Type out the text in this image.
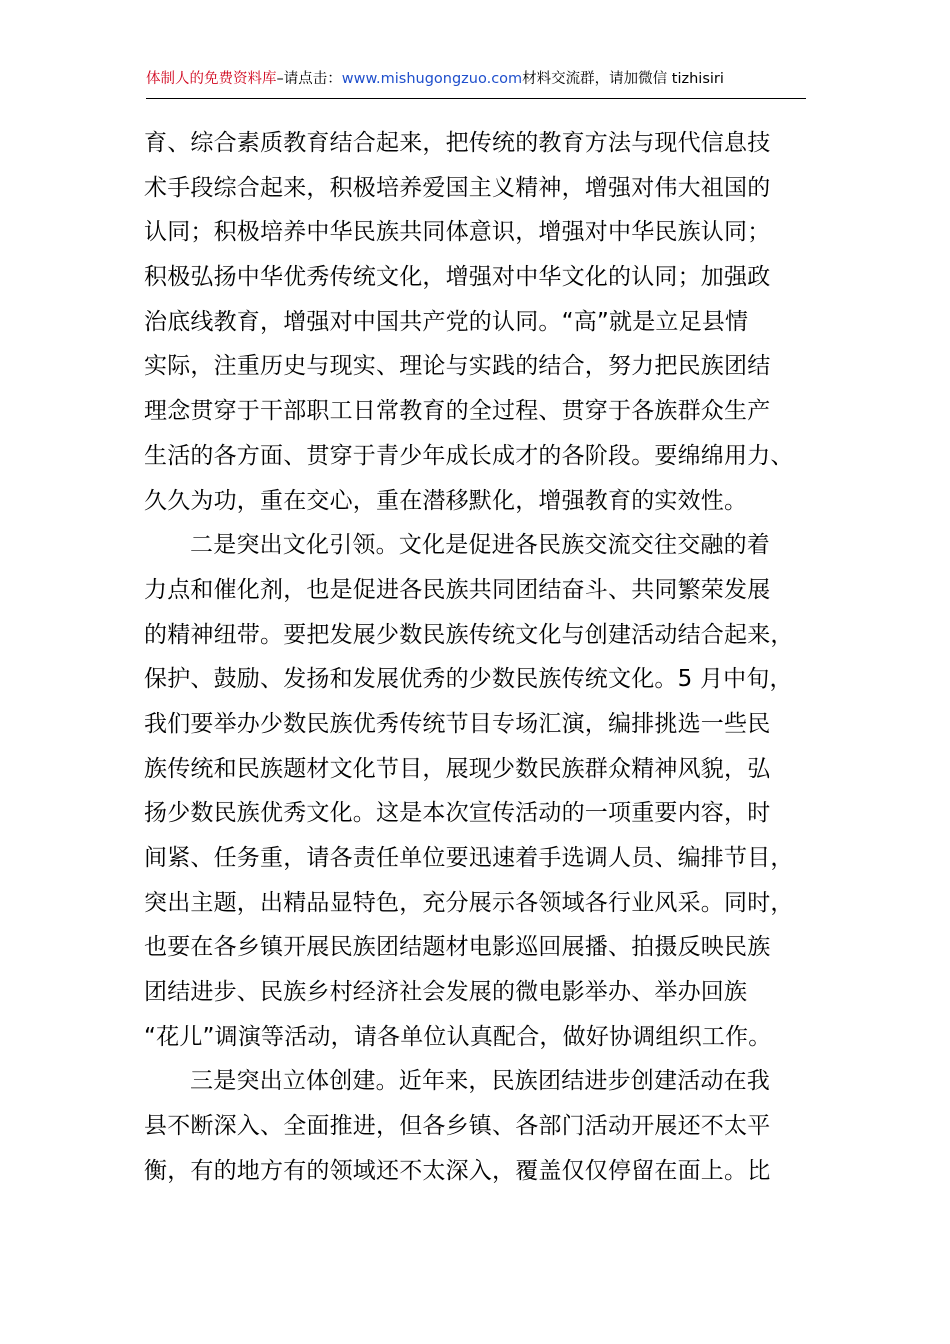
体制人的免费资料库–请点击：www.mishugongzuo.com材料交流群，请加微信 tizhisiri
育、综合素质教育结合起来，把传统的教育方法与现代信息技
术手段综合起来，积极培养爱国主义精神，增强对伟大祖国的
认同；积极培养中华民族共同体意识，增强对中华民族认同；
积极弘扬中华优秀传统文化，增强对中华文化的认同；加强政
治底线教育，增强对中国共产党的认同。“高”就是立足县情
实际，注重历史与现实、理论与实践的结合，努力把民族团结
理念贯穿于干部职工日常教育的全过程、贯穿于各族群众生产
生活的各方面、贯穿于青少年成长成才的各阶段。要绵绵用力、
久久为功，重在交心，重在潜移默化，增强教育的实效性。
二是突出文化引领。文化是促进各民族交流交往交融的着
力点和催化剂，也是促进各民族共同团结奋斗、共同繁荣发展
的精神纽带。要把发展少数民族传统文化与创建活动结合起来，
保护、鼓励、发扬和发展优秀的少数民族传统文化。5 月中旬，
我们要举办少数民族优秀传统节目专场汇演，编排挑选一些民
族传统和民族题材文化节目，展现少数民族群众精神风貌，弘
扬少数民族优秀文化。这是本次宣传活动的一项重要内容，时
间紧、任务重，请各责任单位要迅速着手选调人员、编排节目，
突出主题，出精品显特色，充分展示各领域各行业风采。同时，
也要在各乡镇开展民族团结题材电影巡回展播、拍摄反映民族
团结进步、民族乡村经济社会发展的微电影举办、举办回族
“花儿”调演等活动，请各单位认真配合，做好协调组织工作。
三是突出立体创建。近年来，民族团结进步创建活动在我
县不断深入、全面推进，但各乡镇、各部门活动开展还不太平
衡，有的地方有的领域还不太深入，覆盖仅仅停留在面上。比
